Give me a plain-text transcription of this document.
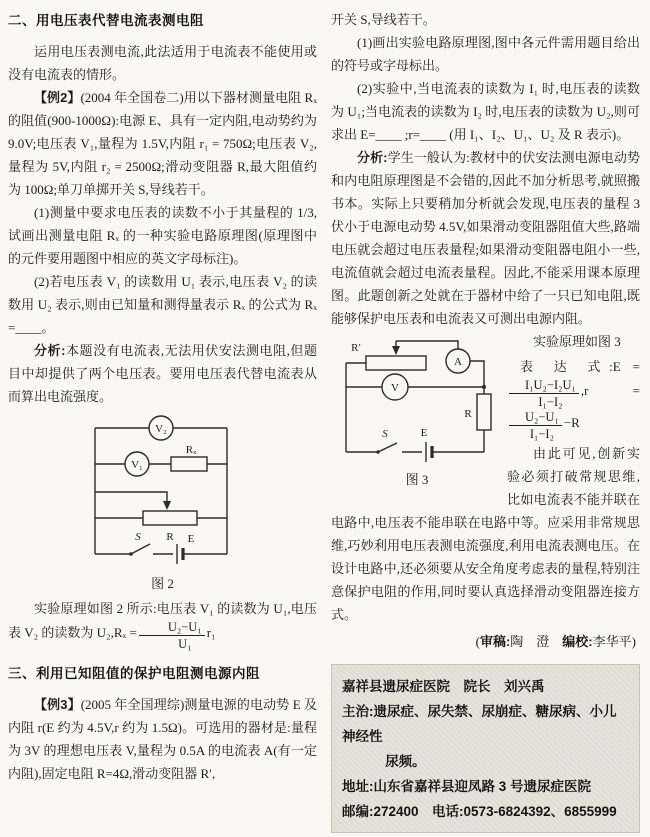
二、用电压表代替电流表测电阻

运用电压表测电流,此法适用于电流表不能使用或没有电流表的情形。

【例2】(2004 年全国卷二)用以下器材测量电阻 Rₓ 的阻值(900-1000Ω):电源 E、具有一定内阻,电动势约为 9.0V;电压表 V₁,量程为 1.5V,内阻 r₁ = 750Ω;电压表 V₂,量程为 5V,内阻 r₂ = 2500Ω;滑动变阻器 R,最大阻值约为 100Ω;单刀单掷开关 S,导线若干。

(1)测量中要求电压表的读数不小于其量程的 1/3,试画出测量电阻 Rₓ 的一种实验电路原理图(原理图中的元件要用题图中相应的英文字母标注)。

(2)若电压表 V₁ 的读数用 U₁ 表示,电压表 V₂ 的读数用 U₂ 表示,则由已知量和测得量表示 Rₓ 的公式为 Rₓ =____。

分析:本题没有电流表,无法用伏安法测电阻,但题目中却提供了两个电压表。要用电压表代替电流表从而算出电流强度。

V₂
V₁
Rₓ
R
S	E
图 2

实验原理如图 2 所示:电压表 V₁ 的读数为 U₁,电压表 V₂ 的读数为 $U_2,R_x = \frac{\text{U₂−U₁}}{\text{U₁}} r_1$

三、利用已知阻值的保护电阻测电源内阻

【例3】(2005 年全国理综)测量电源的电动势 E 及内阻 r(E 约为 4.5V,r 约为 1.5Ω)。可选用的器材是:量程为 3V 的理想电压表 V,量程为 0.5A 的电流表 A(有一定内阻),固定电阻 R=4Ω,滑动变阻器 R′,

开关 S,导线若干。

(1)画出实验电路原理图,图中各元件需用题目给出的符号或字母标出。

(2)实验中,当电流表的读数为 I₁ 时,电压表的读数为 U₁;当电流表的读数为 I₂ 时,电压表的读数为 U₂,则可求出 E=____ ;r=____ (用 I₁、I₂、U₁、U₂ 及 R 表示)。

分析:学生一般认为:教材中的伏安法测电源电动势和内电阻原理图是不会错的,因此不加分析思考,就照搬书本。实际上只要稍加分析就会发现,电压表的量程 3 伏小于电源电动势 4.5V,如果滑动变阻器阻值大些,路端电压就会超过电压表量程;如果滑动变阻器电阻小一些,电流值就会超过电流表量程。因此,不能采用课本原理图。此题创新之处就在于器材中给了一只已知电阻,既能够保护电压表和电流表又可测出电源内阻。

R′
A
V
R
S	E
图 3

实验原理如图 3

表 达 式:E =
$\frac{\text{I₁U₂−I₂U₁}}{\text{I₁−I₂}} ,r$ =
$\frac{\text{U₂−U₁}}{\text{I₁−I₂}} -R$

由此可见,创新实验必须打破常规思维,比如电流表不能并联在电路中,电压表不能串联在电路中等。应采用非常规思维,巧妙利用电压表测电流强度,利用电流表测电压。在设计电路中,还必须要从安全角度考虑表的量程,特别注意保护电阻的作用,同时要认真选择滑动变阻器连接方式。

(审稿:陶　澄　编校:李华平)
嘉祥县遗尿症医院　院长　刘兴禹
主治:遗尿症、尿失禁、尿崩症、糖尿病、小儿神经性
尿频。
地址:山东省嘉祥县迎凤路 3 号遗尿症医院
邮编:272400　电话:0573-6824392、6855999
